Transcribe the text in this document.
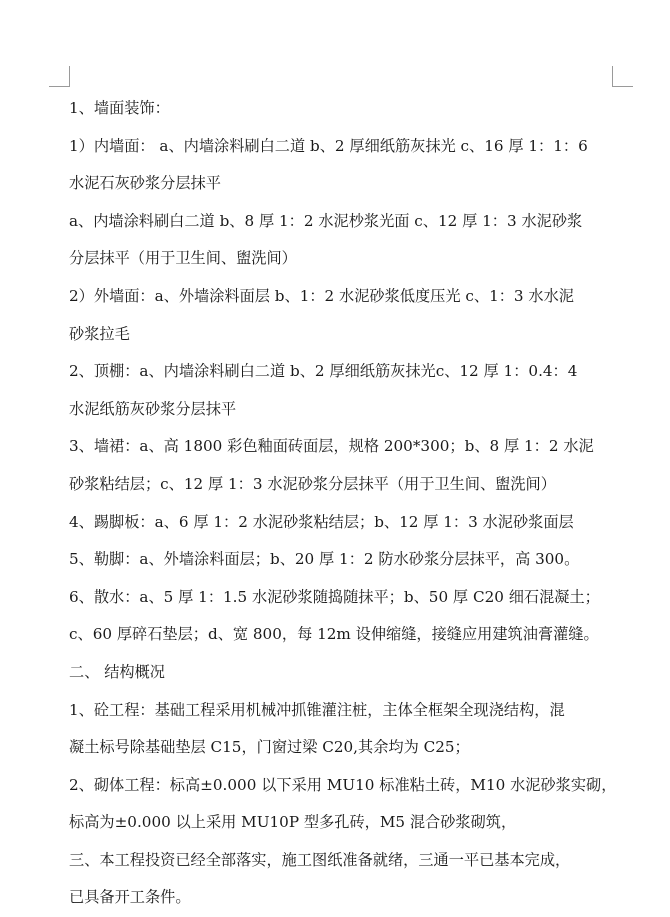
1、墙面装饰：
1）内墙面： a、内墙涂料刷白二道 b、2 厚细纸筋灰抹光 c、16 厚 1：1：6
水泥石灰砂浆分层抹平
a、内墙涂料刷白二道 b、8 厚 1：2 水泥杪浆光面 c、12 厚 1：3 水泥砂浆
分层抹平（用于卫生间、盥洗间）
2）外墙面：a、外墙涂料面层 b、1：2 水泥砂浆低度压光 c、1：3 水水泥
砂浆拉毛
2、顶棚：a、内墙涂料刷白二道 b、2 厚细纸筋灰抹光c、12 厚 1：0.4：4
水泥纸筋灰砂浆分层抹平
3、墙裙：a、高 1800 彩色釉面砖面层，规格 200*300；b、8 厚 1：2 水泥
砂浆粘结层；c、12 厚 1：3 水泥砂浆分层抹平（用于卫生间、盥洗间）
4、踢脚板：a、6 厚 1：2 水泥砂浆粘结层；b、12 厚 1：3 水泥砂浆面层
5、勒脚：a、外墙涂料面层；b、20 厚 1：2 防水砂浆分层抹平，高 300。
6、散水：a、5 厚 1：1.5 水泥砂浆随捣随抹平；b、50 厚 C20 细石混凝土；
c、60 厚碎石垫层；d、宽 800，每 12m 设伸缩缝，接缝应用建筑油膏灌缝。
二、 结构概况
1、砼工程：基础工程采用机械冲抓锥灌注桩，主体全框架全现浇结构，混
凝土标号除基础垫层 C15，门窗过梁 C20,其余均为 C25；
2、砌体工程：标高±0.000 以下采用 MU10 标准粘土砖，M10 水泥砂浆实砌，
标高为±0.000 以上采用 MU10P 型多孔砖，M5 混合砂浆砌筑，
三、本工程投资已经全部落实，施工图纸准备就绪，三通一平已基本完成，
已具备开工条件。
